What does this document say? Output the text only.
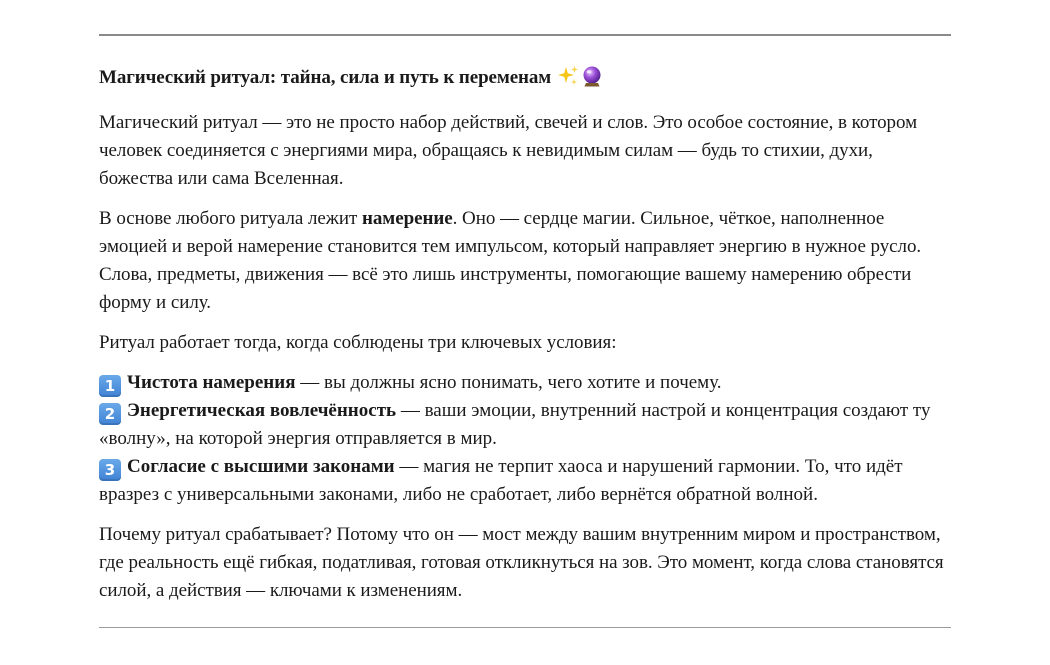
Магический ритуал: тайна, сила и путь к переменам

Магический ритуал — это не просто набор действий, свечей и слов. Это особое состояние, в котором человек соединяется с энергиями мира, обращаясь к невидимым силам — будь то стихии, духи, божества или сама Вселенная.

В основе любого ритуала лежит намерение. Оно — сердце магии. Сильное, чёткое, наполненное эмоцией и верой намерение становится тем импульсом, который направляет энергию в нужное русло. Слова, предметы, движения — всё это лишь инструменты, помогающие вашему намерению обрести форму и силу.

Ритуал работает тогда, когда соблюдены три ключевых условия:

1 Чистота намерения — вы должны ясно понимать, чего хотите и почему.
2 Энергетическая вовлечённость — ваши эмоции, внутренний настрой и концентрация создают ту «волну», на которой энергия отправляется в мир.
3 Согласие с высшими законами — магия не терпит хаоса и нарушений гармонии. То, что идёт вразрез с универсальными законами, либо не сработает, либо вернётся обратной волной.

Почему ритуал срабатывает? Потому что он — мост между вашим внутренним миром и пространством, где реальность ещё гибкая, податливая, готовая откликнуться на зов. Это момент, когда слова становятся силой, а действия — ключами к изменениям.
